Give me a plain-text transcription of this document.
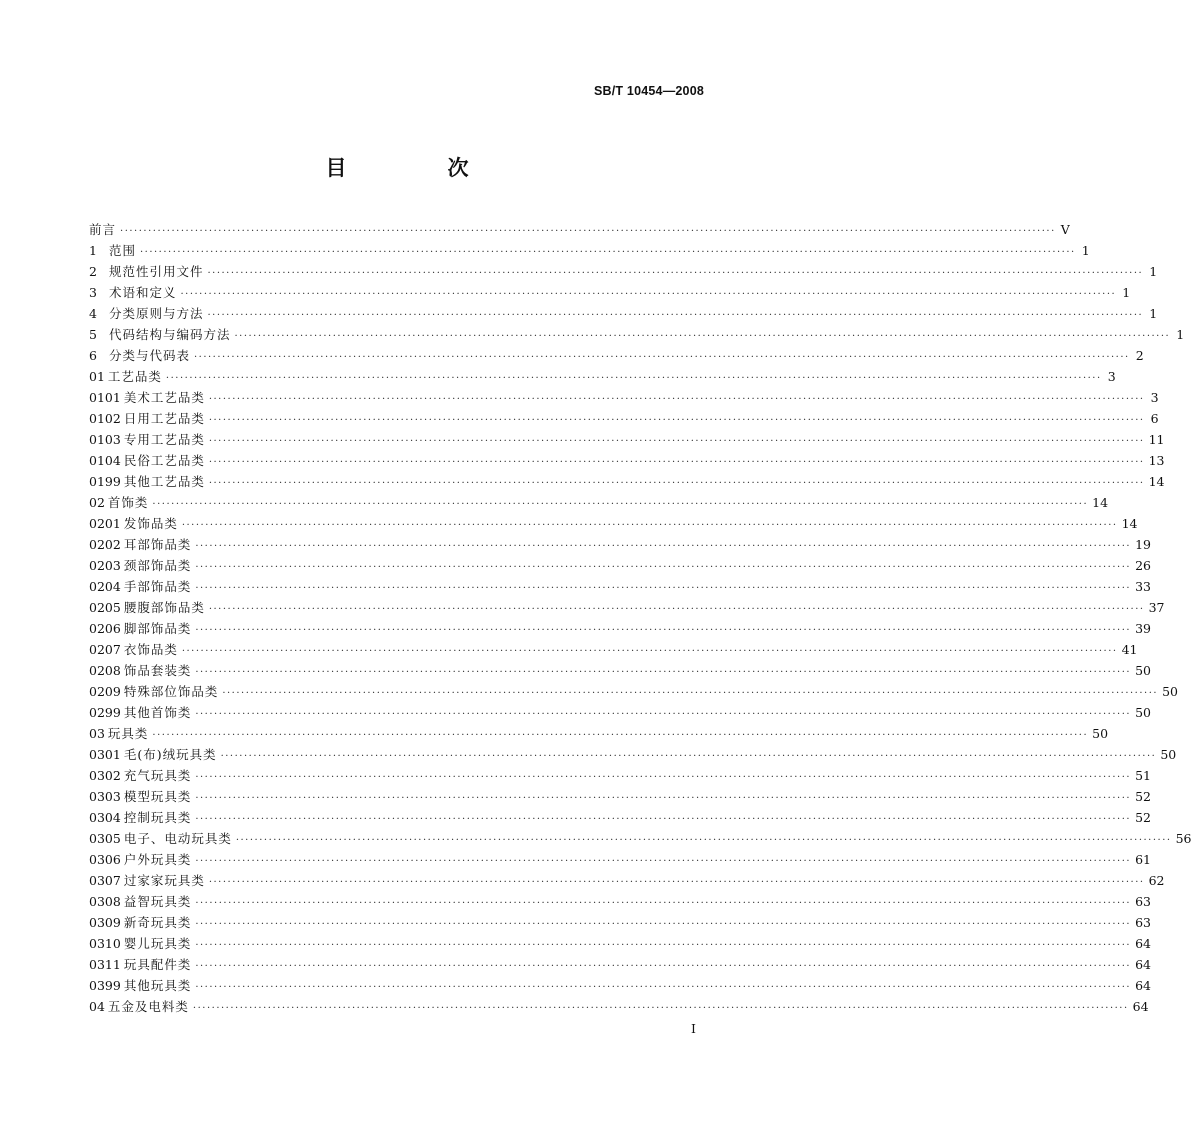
SB/T 10454—2008
目　次
前言 ········································································································································································································ V
1 范围 ········································································································································································································ 1
2 规范性引用文件 ········································································································································································································ 1
3 术语和定义 ········································································································································································································ 1
4 分类原则与方法 ········································································································································································································ 1
5 代码结构与编码方法 ········································································································································································································ 1
6 分类与代码表 ········································································································································································································ 2
01 工艺品类 ········································································································································································································ 3
0101 美术工艺品类 ········································································································································································································ 3
0102 日用工艺品类 ········································································································································································································ 6
0103 专用工艺品类 ········································································································································································································ 11
0104 民俗工艺品类 ········································································································································································································ 13
0199 其他工艺品类 ········································································································································································································ 14
02 首饰类 ········································································································································································································ 14
0201 发饰品类 ········································································································································································································ 14
0202 耳部饰品类 ········································································································································································································ 19
0203 颈部饰品类 ········································································································································································································ 26
0204 手部饰品类 ········································································································································································································ 33
0205 腰腹部饰品类 ········································································································································································································ 37
0206 脚部饰品类 ········································································································································································································ 39
0207 衣饰品类 ········································································································································································································ 41
0208 饰品套装类 ········································································································································································································ 50
0209 特殊部位饰品类 ········································································································································································································ 50
0299 其他首饰类 ········································································································································································································ 50
03 玩具类 ········································································································································································································ 50
0301 毛(布)绒玩具类 ········································································································································································································ 50
0302 充气玩具类 ········································································································································································································ 51
0303 模型玩具类 ········································································································································································································ 52
0304 控制玩具类 ········································································································································································································ 52
0305 电子、电动玩具类 ········································································································································································································ 56
0306 户外玩具类 ········································································································································································································ 61
0307 过家家玩具类 ········································································································································································································ 62
0308 益智玩具类 ········································································································································································································ 63
0309 新奇玩具类 ········································································································································································································ 63
0310 婴儿玩具类 ········································································································································································································ 64
0311 玩具配件类 ········································································································································································································ 64
0399 其他玩具类 ········································································································································································································ 64
04 五金及电料类 ········································································································································································································ 64
I
